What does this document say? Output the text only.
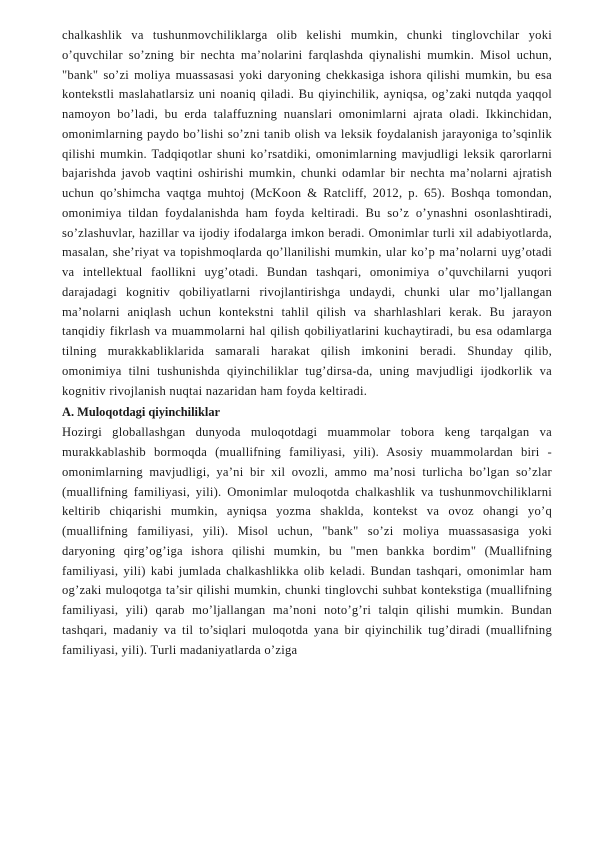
chalkashlik va tushunmovchiliklarga olib kelishi mumkin, chunki tinglovchilar yoki o’quvchilar so’zning bir nechta ma’nolarini farqlashda qiynalishi mumkin. Misol uchun, "bank" so’zi moliya muassasasi yoki daryoning chekkasiga ishora qilishi mumkin, bu esa kontekstli maslahatlarsiz uni noaniq qiladi. Bu qiyinchilik, ayniqsa, og’zaki nutqda yaqqol namoyon bo’ladi, bu erda talaffuzning nuanslari omonimlarni ajrata oladi. Ikkinchidan, omonimlarning paydo bo’lishi so’zni tanib olish va leksik foydalanish jarayoniga to’sqinlik qilishi mumkin. Tadqiqotlar shuni ko’rsatdiki, omonimlarning mavjudligi leksik qarorlarni bajarishda javob vaqtini oshirishi mumkin, chunki odamlar bir nechta ma’nolarni ajratish uchun qo’shimcha vaqtga muhtoj (McKoon & Ratcliff, 2012, p. 65). Boshqa tomondan, omonimiya tildan foydalanishda ham foyda keltiradi. Bu so’z o’ynashni osonlashtiradi, so’zlashuvlar, hazillar va ijodiy ifodalarga imkon beradi. Omonimlar turli xil adabiyotlarda, masalan, she’riyat va topishmoqlarda qo’llanilishi mumkin, ular ko’p ma’nolarni uyg’otadi va intellektual faollikni uyg’otadi. Bundan tashqari, omonimiya o’quvchilarni yuqori darajadagi kognitiv qobiliyatlarni rivojlantirishga undaydi, chunki ular mo’ljallangan ma’nolarni aniqlash uchun kontekstni tahlil qilish va sharhlashlari kerak. Bu jarayon tanqidiy fikrlash va muammolarni hal qilish qobiliyatlarini kuchaytiradi, bu esa odamlarga tilning murakkabliklarida samarali harakat qilish imkonini beradi. Shunday qilib, omonimiya tilni tushunishda qiyinchiliklar tug’dirsa-da, uning mavjudligi ijodkorlik va kognitiv rivojlanish nuqtai nazaridan ham foyda keltiradi.

A. Muloqotdagi qiyinchiliklar

Hozirgi globallashgan dunyoda muloqotdagi muammolar tobora keng tarqalgan va murakkablashib bormoqda (muallifning familiyasi, yili). Asosiy muammolardan biri - omonimlarning mavjudligi, ya’ni bir xil ovozli, ammo ma’nosi turlicha bo’lgan so’zlar (muallifning familiyasi, yili). Omonimlar muloqotda chalkashlik va tushunmovchiliklarni keltirib chiqarishi mumkin, ayniqsa yozma shaklda, kontekst va ovoz ohangi yo’q (muallifning familiyasi, yili). Misol uchun, "bank" so’zi moliya muassasasiga yoki daryoning qirg’og’iga ishora qilishi mumkin, bu "men bankka bordim" (Muallifning familiyasi, yili) kabi jumlada chalkashlikka olib keladi. Bundan tashqari, omonimlar ham og’zaki muloqotga ta’sir qilishi mumkin, chunki tinglovchi suhbat kontekstiga (muallifning familiyasi, yili) qarab mo’ljallangan ma’noni noto’g’ri talqin qilishi mumkin. Bundan tashqari, madaniy va til to’siqlari muloqotda yana bir qiyinchilik tug’diradi (muallifning familiyasi, yili). Turli madaniyatlarda o’ziga
